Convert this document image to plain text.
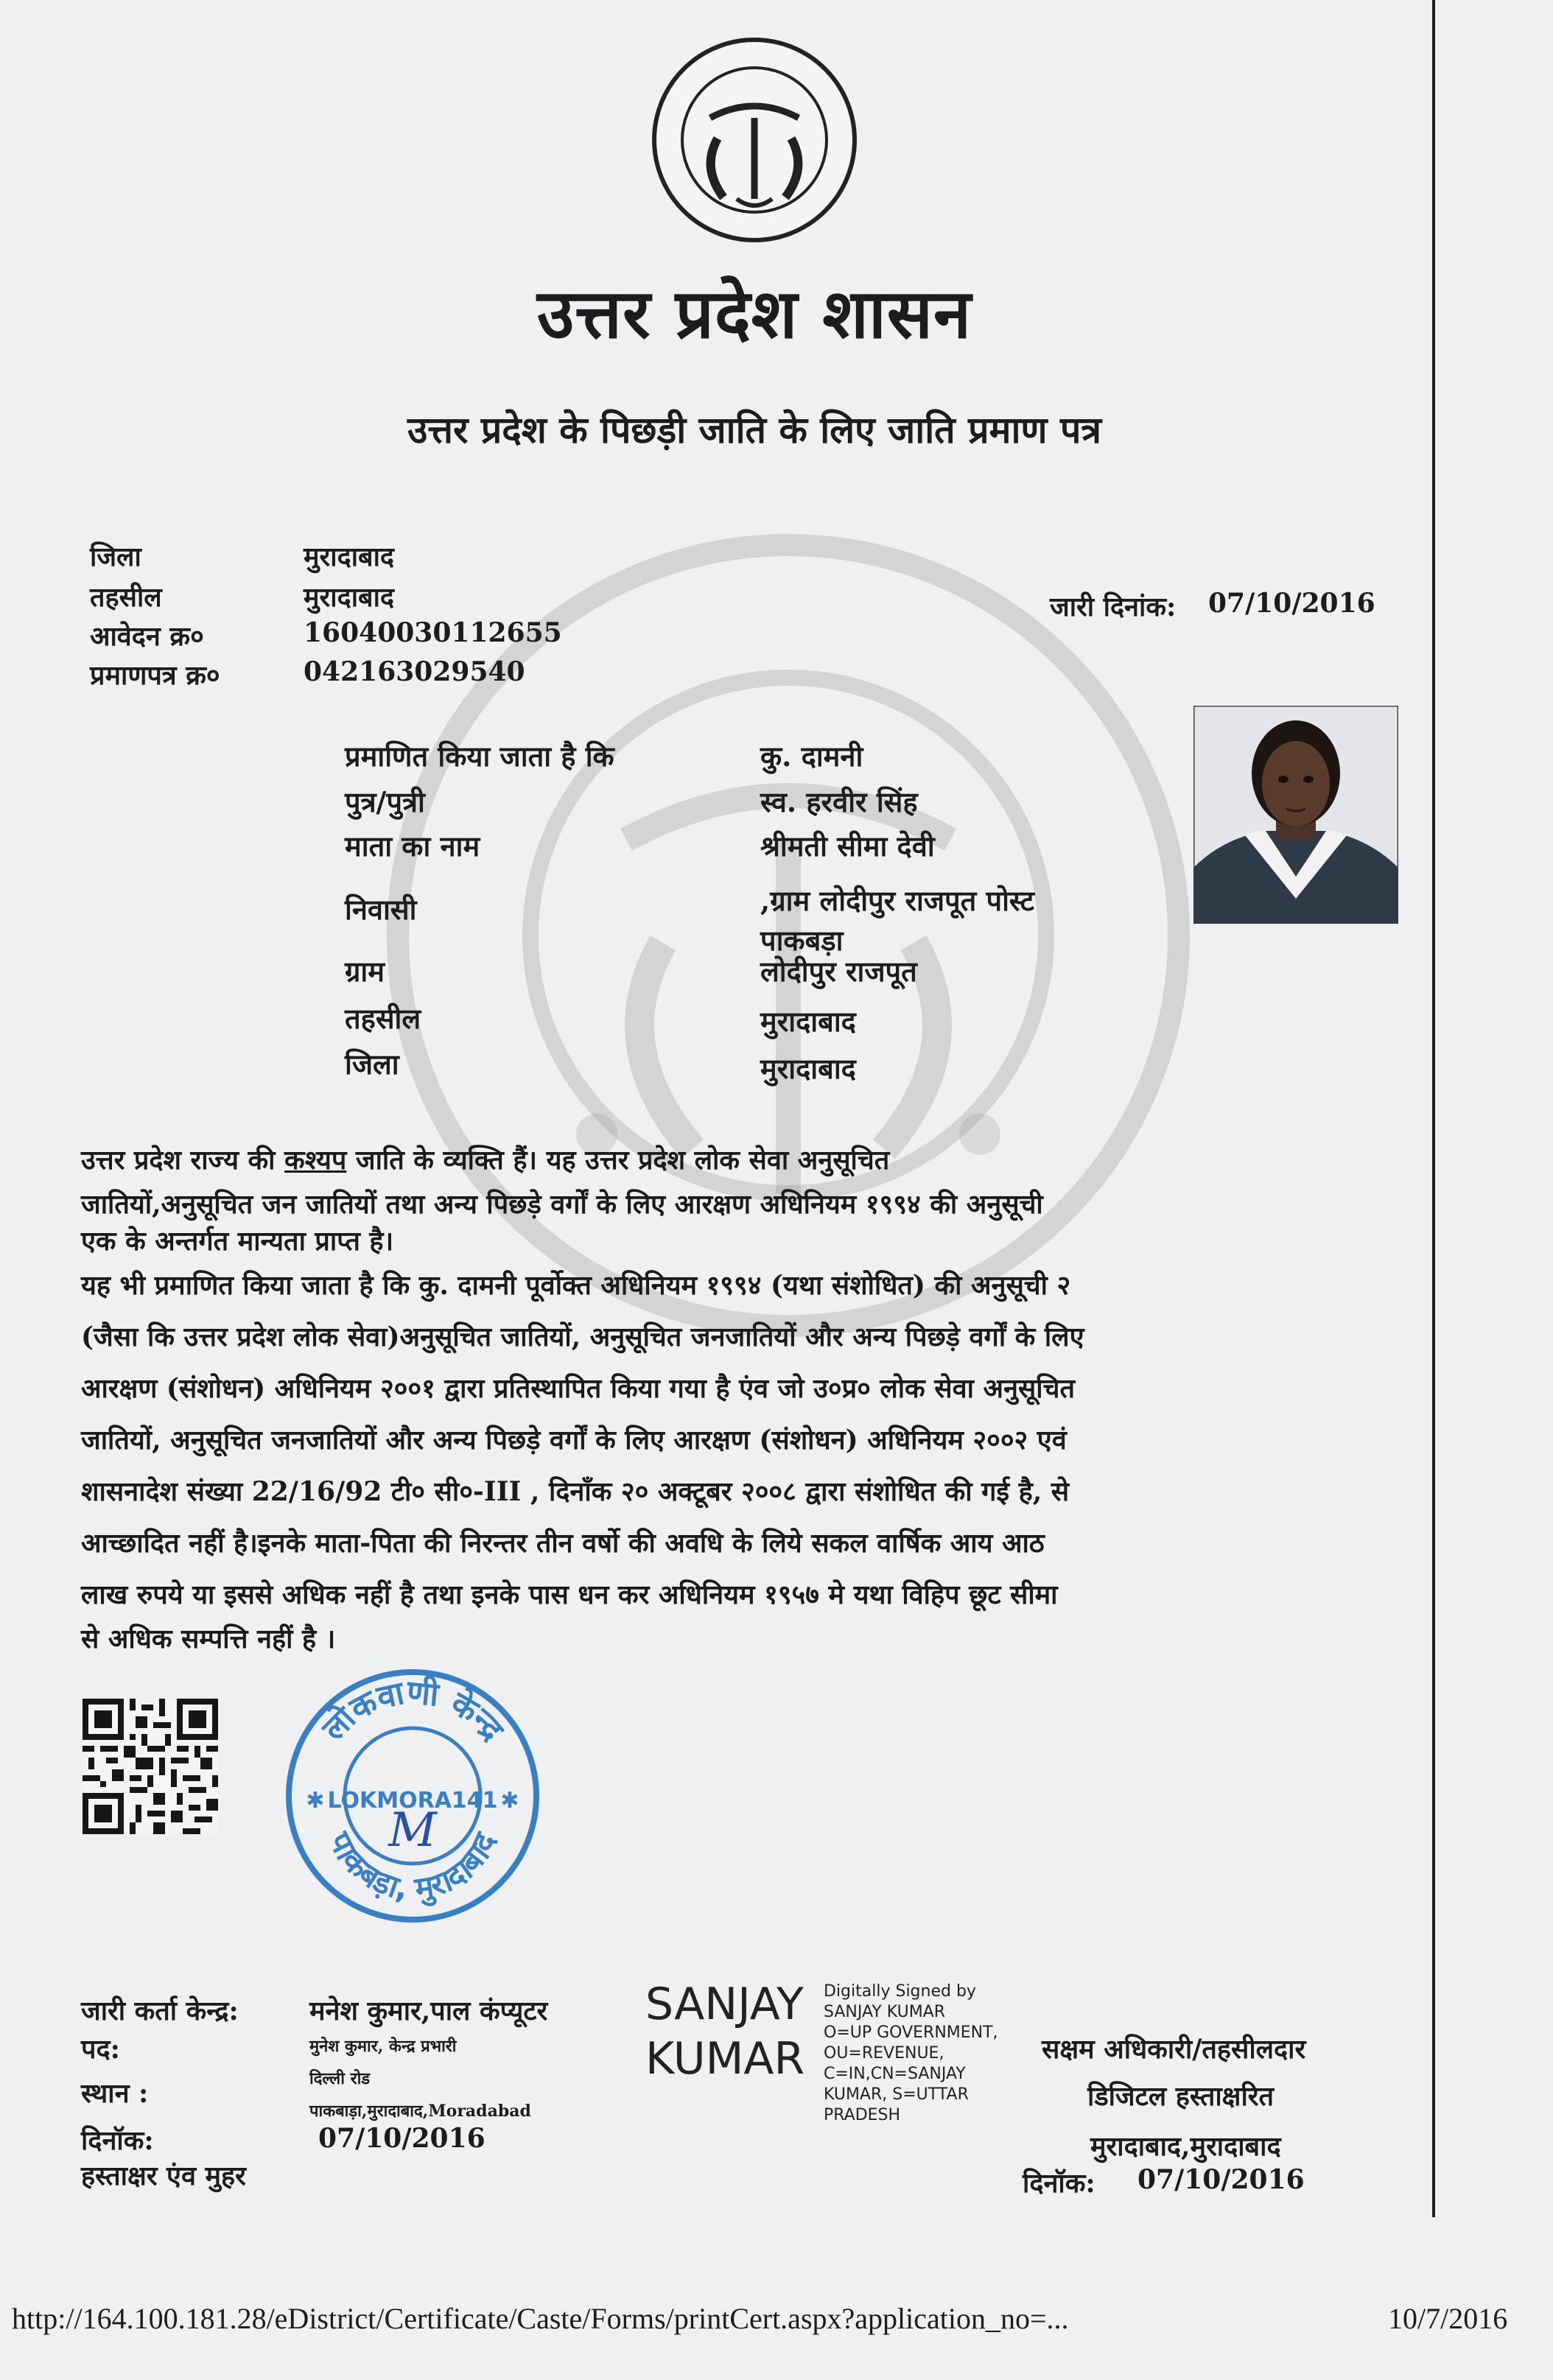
उत्तर प्रदेश शासन
उत्तर प्रदेश के पिछड़ी जाति के लिए जाति प्रमाण पत्र
जिला	मुरादाबाद
तहसील	मुरादाबाद
आवेदन क्र०	16040030112655
प्रमाणपत्र क्र०	042163029540
जारी दिनांक: 07/10/2016
प्रमाणित किया जाता है कि	कु. दामनी
पुत्र/पुत्री	स्व. हरवीर सिंह
माता का नाम	श्रीमती सीमा देवी
निवासी	,ग्राम लोदीपुर राजपूत पोस्ट
पाकबड़ा
ग्राम	लोदीपुर राजपूत
तहसील	मुरादाबाद
जिला	मुरादाबाद

उत्तर प्रदेश राज्य की कश्यप जाति के व्यक्ति हैं। यह उत्तर प्रदेश लोक सेवा अनुसूचित

जातियों,अनुसूचित जन जातियों तथा अन्य पिछड़े वर्गों के लिए आरक्षण अधिनियम १९९४ की अनुसूची

एक के अन्तर्गत मान्यता प्राप्त है।

यह भी प्रमाणित किया जाता है कि कु. दामनी पूर्वोक्त अधिनियम १९९४ (यथा संशोधित) की अनुसूची २

(जैसा कि उत्तर प्रदेश लोक सेवा)अनुसूचित जातियों, अनुसूचित जनजातियों और अन्य पिछड़े वर्गों के लिए

आरक्षण (संशोधन) अधिनियम २००१ द्वारा प्रतिस्थापित किया गया है एंव जो उ०प्र० लोक सेवा अनुसूचित

जातियों, अनुसूचित जनजातियों और अन्य पिछड़े वर्गों के लिए आरक्षण (संशोधन) अधिनियम २००२ एवं

शासनादेश संख्या 22/16/92 टी० सी०-III , दिनाँक २० अक्टूबर २००८ द्वारा संशोधित की गई है, से

आच्छादित नहीं है।इनके माता-पिता की निरन्तर तीन वर्षो की अवधि के लिये सकल वार्षिक आय आठ

लाख रुपये या इससे अधिक नहीं है तथा इनके पास धन कर अधिनियम १९५७ मे यथा विहिप छूट सीमा

से अधिक सम्पत्ति नहीं है ।

लोकवाणी केन्द्र
पाकबड़ा, मुरादाबाद
LOKMORA141
✱	✱
M
जारी कर्ता केन्द्र:	मनेश कुमार,पाल कंप्यूटर
पद:	मुनेश कुमार, केन्द्र प्रभारी
स्थान :	दिल्ली रोड
पाकबाड़ा,मुरादाबाद,Moradabad
दिनॉक:	07/10/2016
हस्ताक्षर एंव मुहर
SANJAY
KUMAR
Digitally Signed by
SANJAY KUMAR
O=UP GOVERNMENT,
OU=REVENUE,
C=IN,CN=SANJAY
KUMAR, S=UTTAR
PRADESH
सक्षम अधिकारी/तहसीलदार
डिजिटल हस्ताक्षरित
मुरादाबाद,मुरादाबाद
दिनॉक: 07/10/2016
http://164.100.181.28/eDistrict/Certificate/Caste/Forms/printCert.aspx?application_no=...	10/7/2016
